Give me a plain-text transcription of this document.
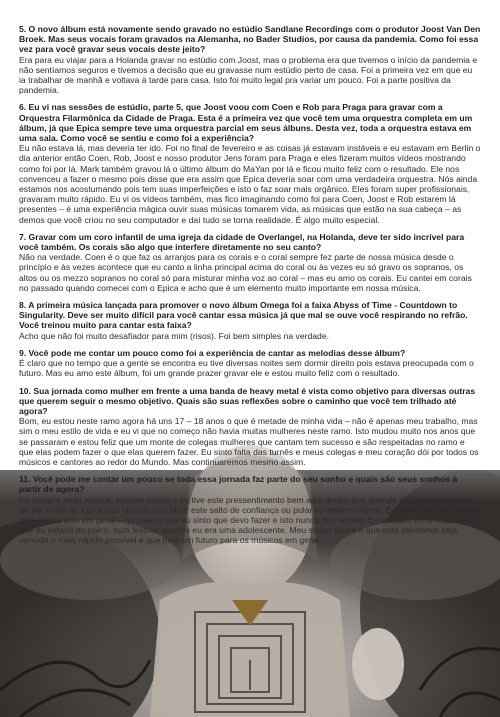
5. O novo álbum está novamente sendo gravado no estúdio Sandlane Recordings com o produtor Joost Van Den Broek. Mas seus vocais foram gravados na Alemanha, no Bader Studios, por causa da pandemia. Como foi essa vez para você gravar seus vocais deste jeito?

Era para eu viajar para a Holanda gravar no estúdio com Joost, mas o problema era que tivemos o início da pandemia e não sentíamos seguros e tivemos a decisão que eu gravasse num estúdio perto de casa. Foi a primeira vez em que eu ia trabalhar de manhã e voltava à tarde para casa. Isto foi muito legal pra variar um pouco. Foi a parte positiva da pandemia.

6. Eu vi nas sessões de estúdio, parte 5, que Joost voou com Coen e Rob para Praga para gravar com a Orquestra Filarmônica da Cidade de Praga. Esta é a primeira vez que você tem uma orquestra completa em um álbum, já que Epica sempre teve uma orquestra parcial em seus álbuns. Desta vez, toda a orquestra estava em uma sala. Como você se sentiu e como foi a experiência?

Eu não estava lá, mas deveria ter ido. Foi no final de fevereiro e as coisas já estavam instáveis e eu estavam em Berlin o dia anterior então Coen, Rob, Joost e nosso produtor Jens foram para Praga e eles fizeram muitos vídeos mostrando como foi por lá. Mark também gravou lá o último álbum do MaYan por lá e ficou muito feliz com o resultado. Ele nos convenceu a fazer o mesmo pois disse que era assim que Epica deveria soar com uma verdadeira orquestra. Nós ainda estamos nos acostumando pois tem suas imperfeições e isto o faz soar mais orgânico. Eles foram super profissionais, gravaram muito rápido. Eu vi os vídeos também, mas fico imaginando como foi para Coen, Joost e Rob estarem lá presentes – é uma experiência mágica ouvir suas músicas tomarem vida, as músicas que estão na sua cabeça – as demos que você criou no seu computador e daí tudo se torna realidade. É algo muito especial.

7. Gravar com um coro infantil de uma igreja da cidade de Overlangel, na Holanda, deve ter sido incrível para você também. Os corais são algo que interfere diretamente no seu canto?

Não na verdade. Coen é o que faz os arranjos para os corais e o coral sempre fez parte de nossa música desde o princípio e às vezes acontece que eu canto a linha principal acima do coral ou às vezes eu só gravo os sopranos, os altos ou os mezzo sopranos no coral só para misturar minha voz ao coral – mas eu amo os corais. Eu cantei em corais no passado quando comecei com o Epica e acho que é um elemento muito importante em nossa música.

8. A primeira música lançada para promover o novo álbum Omega foi a faixa Abyss of Time - Countdown to Singularity. Deve ser muito difícil para você cantar essa música já que mal se ouve você respirando no refrão. Você treinou muito para cantar esta faixa?

Acho que não foi muito desafiador para mim (risos). Foi bem simples na verdade.

9. Você pode me contar um pouco como foi a experiência de cantar as melodias desse álbum?

É claro que no tempo que a gente se encontra eu tive diversas noites sem dormir direito pois estava preocupada com o futuro. Mas eu amo este álbum, foi um grande prazer gravar ele e estou muito feliz com o resultado.

10. Sua jornada como mulher em frente a uma banda de heavy metal é vista como objetivo para diversas outras que querem seguir o mesmo objetivo. Quais são suas reflexões sobre o caminho que você tem trilhado até agora?

Bom, eu estou neste ramo agora há uns 17 – 18 anos o que é metade de minha vida – não é apenas meu trabalho, mas sim o meu estilo de vida e eu vi que no começo não havia muitas mulheres neste ramo. Isto mudou muito nos anos que se passaram e estou feliz que um monte de colegas mulheres que cantam tem sucesso e são respeitadas no ramo e que elas podem fazer o que elas querem fazer. Eu sinto falta das turnês e meus colegas e meu coração dói por todos os músicos e cantores ao redor do Mundo. Mas continuaremos mesmo assim.

11. Você pode me contar um pouco se toda essa jornada faz parte do seu sonho e quais são seus sonhos à partir de agora?

Eu sempre amei música, sempre cantei e eu tive este pressentimento bem aqui dentro que quando tive a oportunidade de me juntar ao Epica que eu teria que fazer este salto de confiança ou pular no abismo (risos). É assim que meio passo pela minha vida em geral – no caso o que eu sinto que devo fazer e isto nunca deu errado. Eu também tinha esta visão que eu estaria no palco, num festival quando eu era uma adolescente. Meu sonho agora é que esta pandemia seja vencida o mais rápido possível e que haja um futuro para os músicos em geral.
